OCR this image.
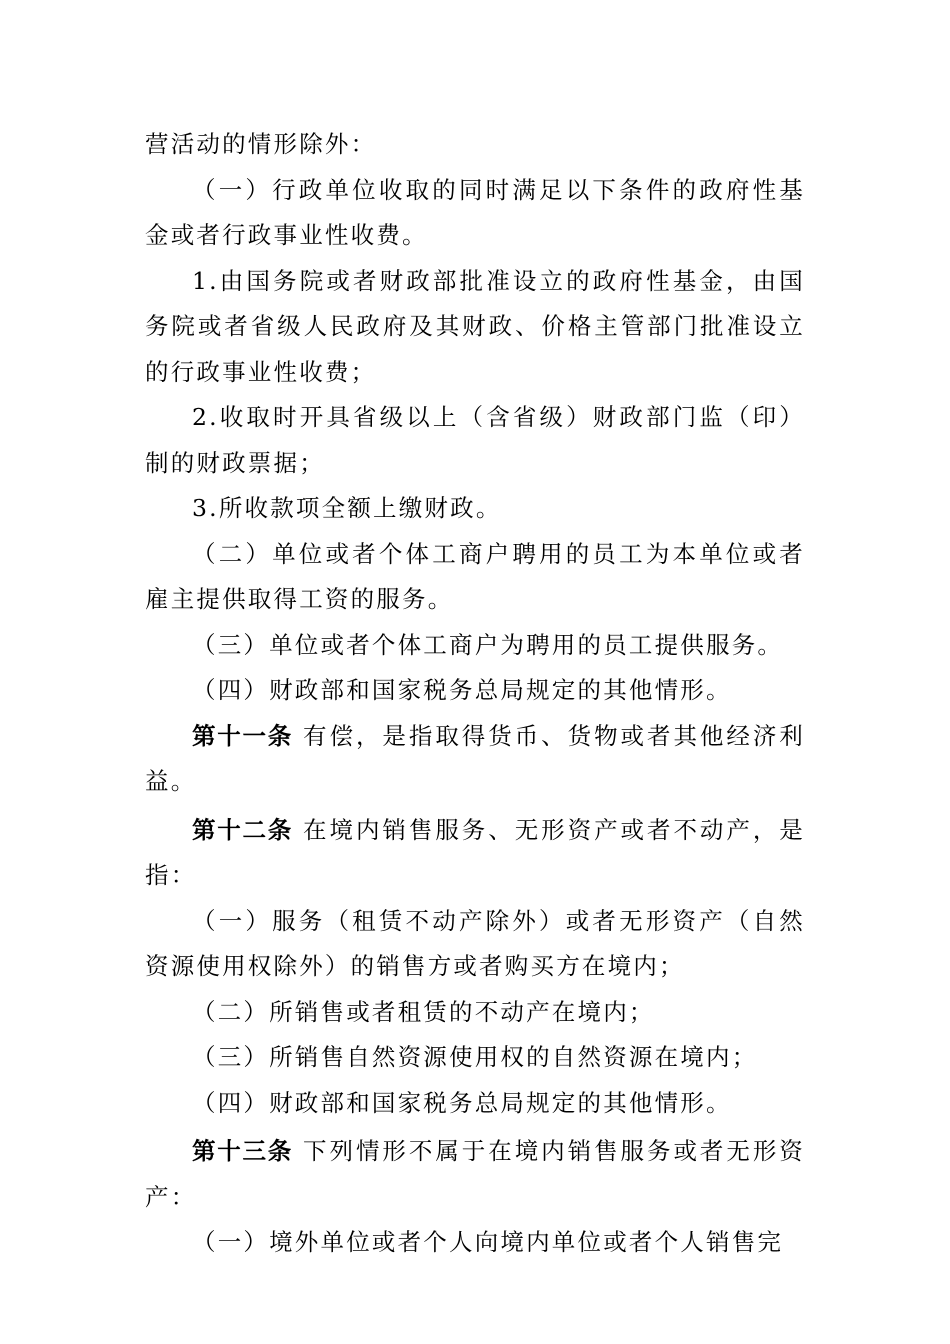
营活动的情形除外：

（一）行政单位收取的同时满足以下条件的政府性基金或者行政事业性收费。

1.由国务院或者财政部批准设立的政府性基金，由国务院或者省级人民政府及其财政、价格主管部门批准设立的行政事业性收费；

2.收取时开具省级以上（含省级）财政部门监（印）制的财政票据；

3.所收款项全额上缴财政。

（二）单位或者个体工商户聘用的员工为本单位或者雇主提供取得工资的服务。

（三）单位或者个体工商户为聘用的员工提供服务。

（四）财政部和国家税务总局规定的其他情形。

第十一条 有偿，是指取得货币、货物或者其他经济利益。

第十二条 在境内销售服务、无形资产或者不动产，是指：

（一）服务（租赁不动产除外）或者无形资产（自然资源使用权除外）的销售方或者购买方在境内；

（二）所销售或者租赁的不动产在境内；

（三）所销售自然资源使用权的自然资源在境内；

（四）财政部和国家税务总局规定的其他情形。

第十三条 下列情形不属于在境内销售服务或者无形资产：

（一）境外单位或者个人向境内单位或者个人销售完
